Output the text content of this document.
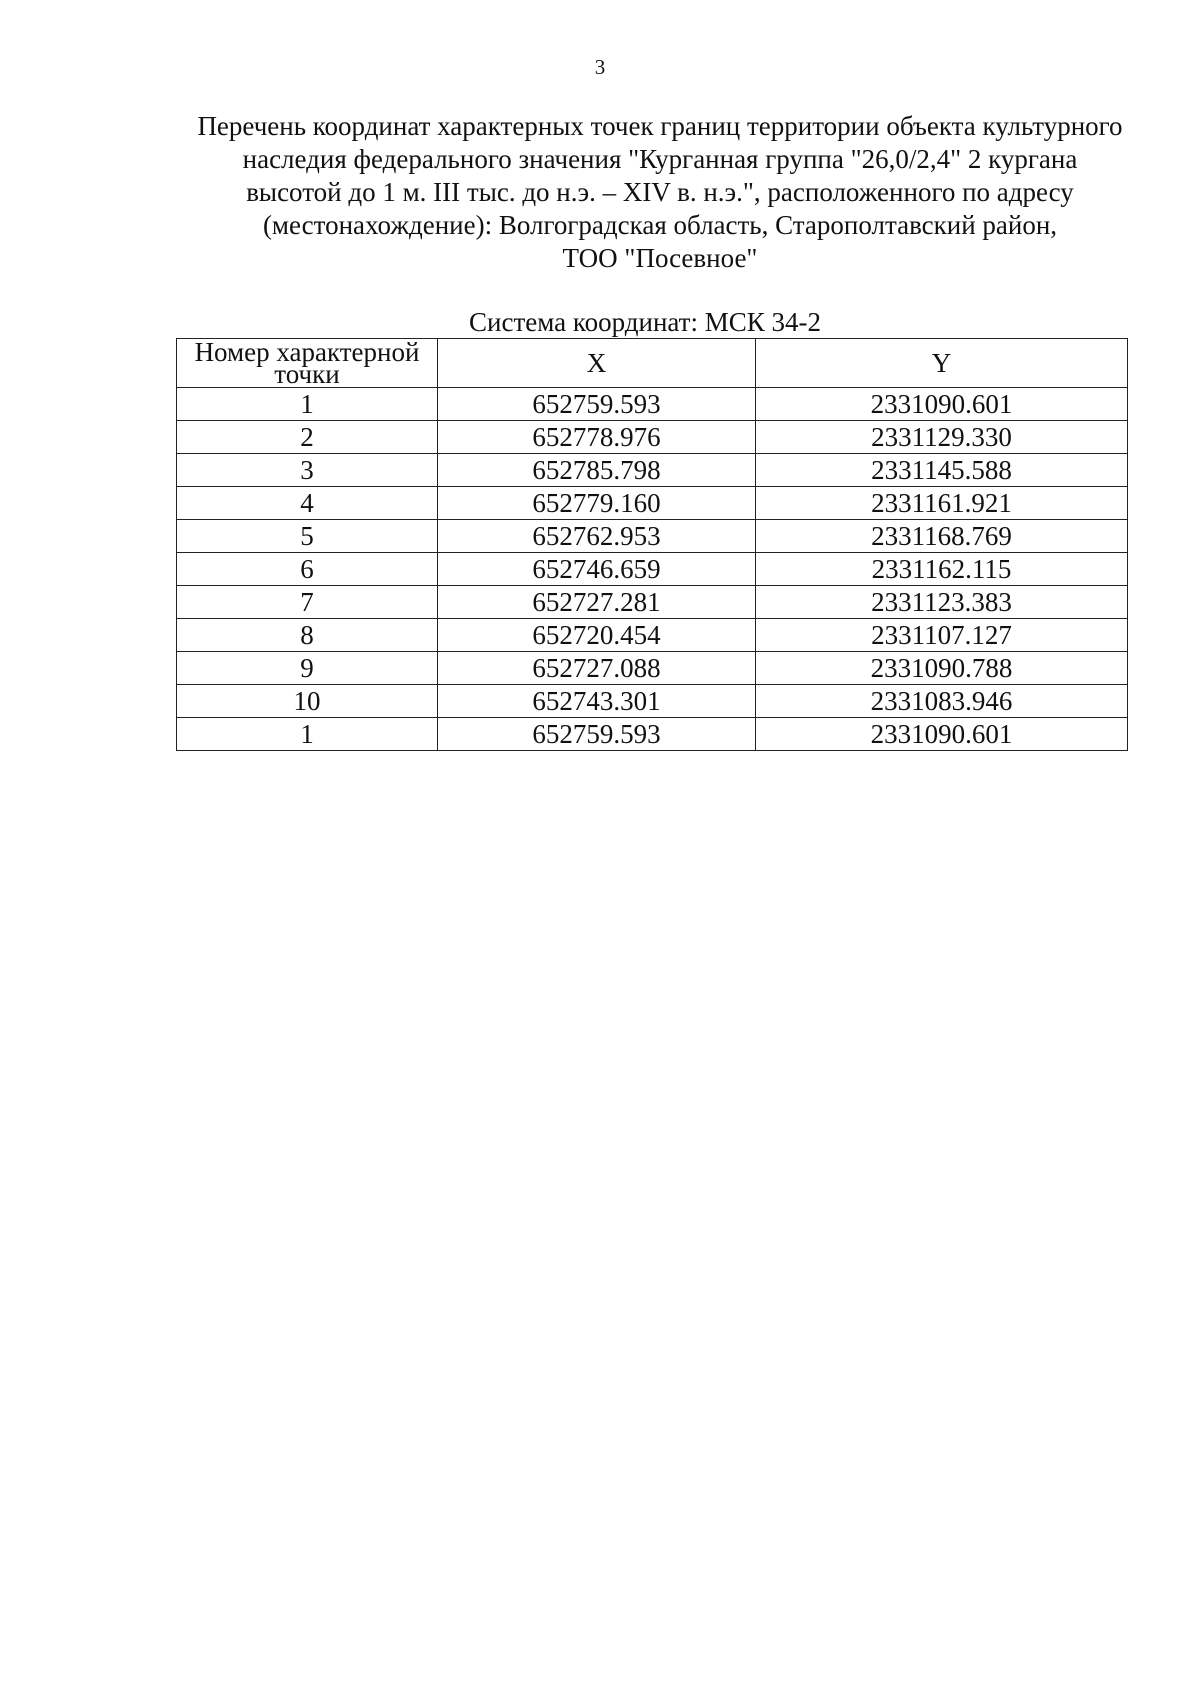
3
Перечень координат характерных точек границ территории объекта культурного
наследия федерального значения "Курганная группа "26,0/2,4" 2 кургана
высотой до 1 м. III тыс. до н.э. – XIV в. н.э.", расположенного по адресу
(местонахождение): Волгоградская область, Старополтавский район,
ТОО "Посевное"
Система координат: МСК 34-2
Номер характерной точки	X	Y
1	652759.593	2331090.601
2	652778.976	2331129.330
3	652785.798	2331145.588
4	652779.160	2331161.921
5	652762.953	2331168.769
6	652746.659	2331162.115
7	652727.281	2331123.383
8	652720.454	2331107.127
9	652727.088	2331090.788
10	652743.301	2331083.946
1	652759.593	2331090.601
